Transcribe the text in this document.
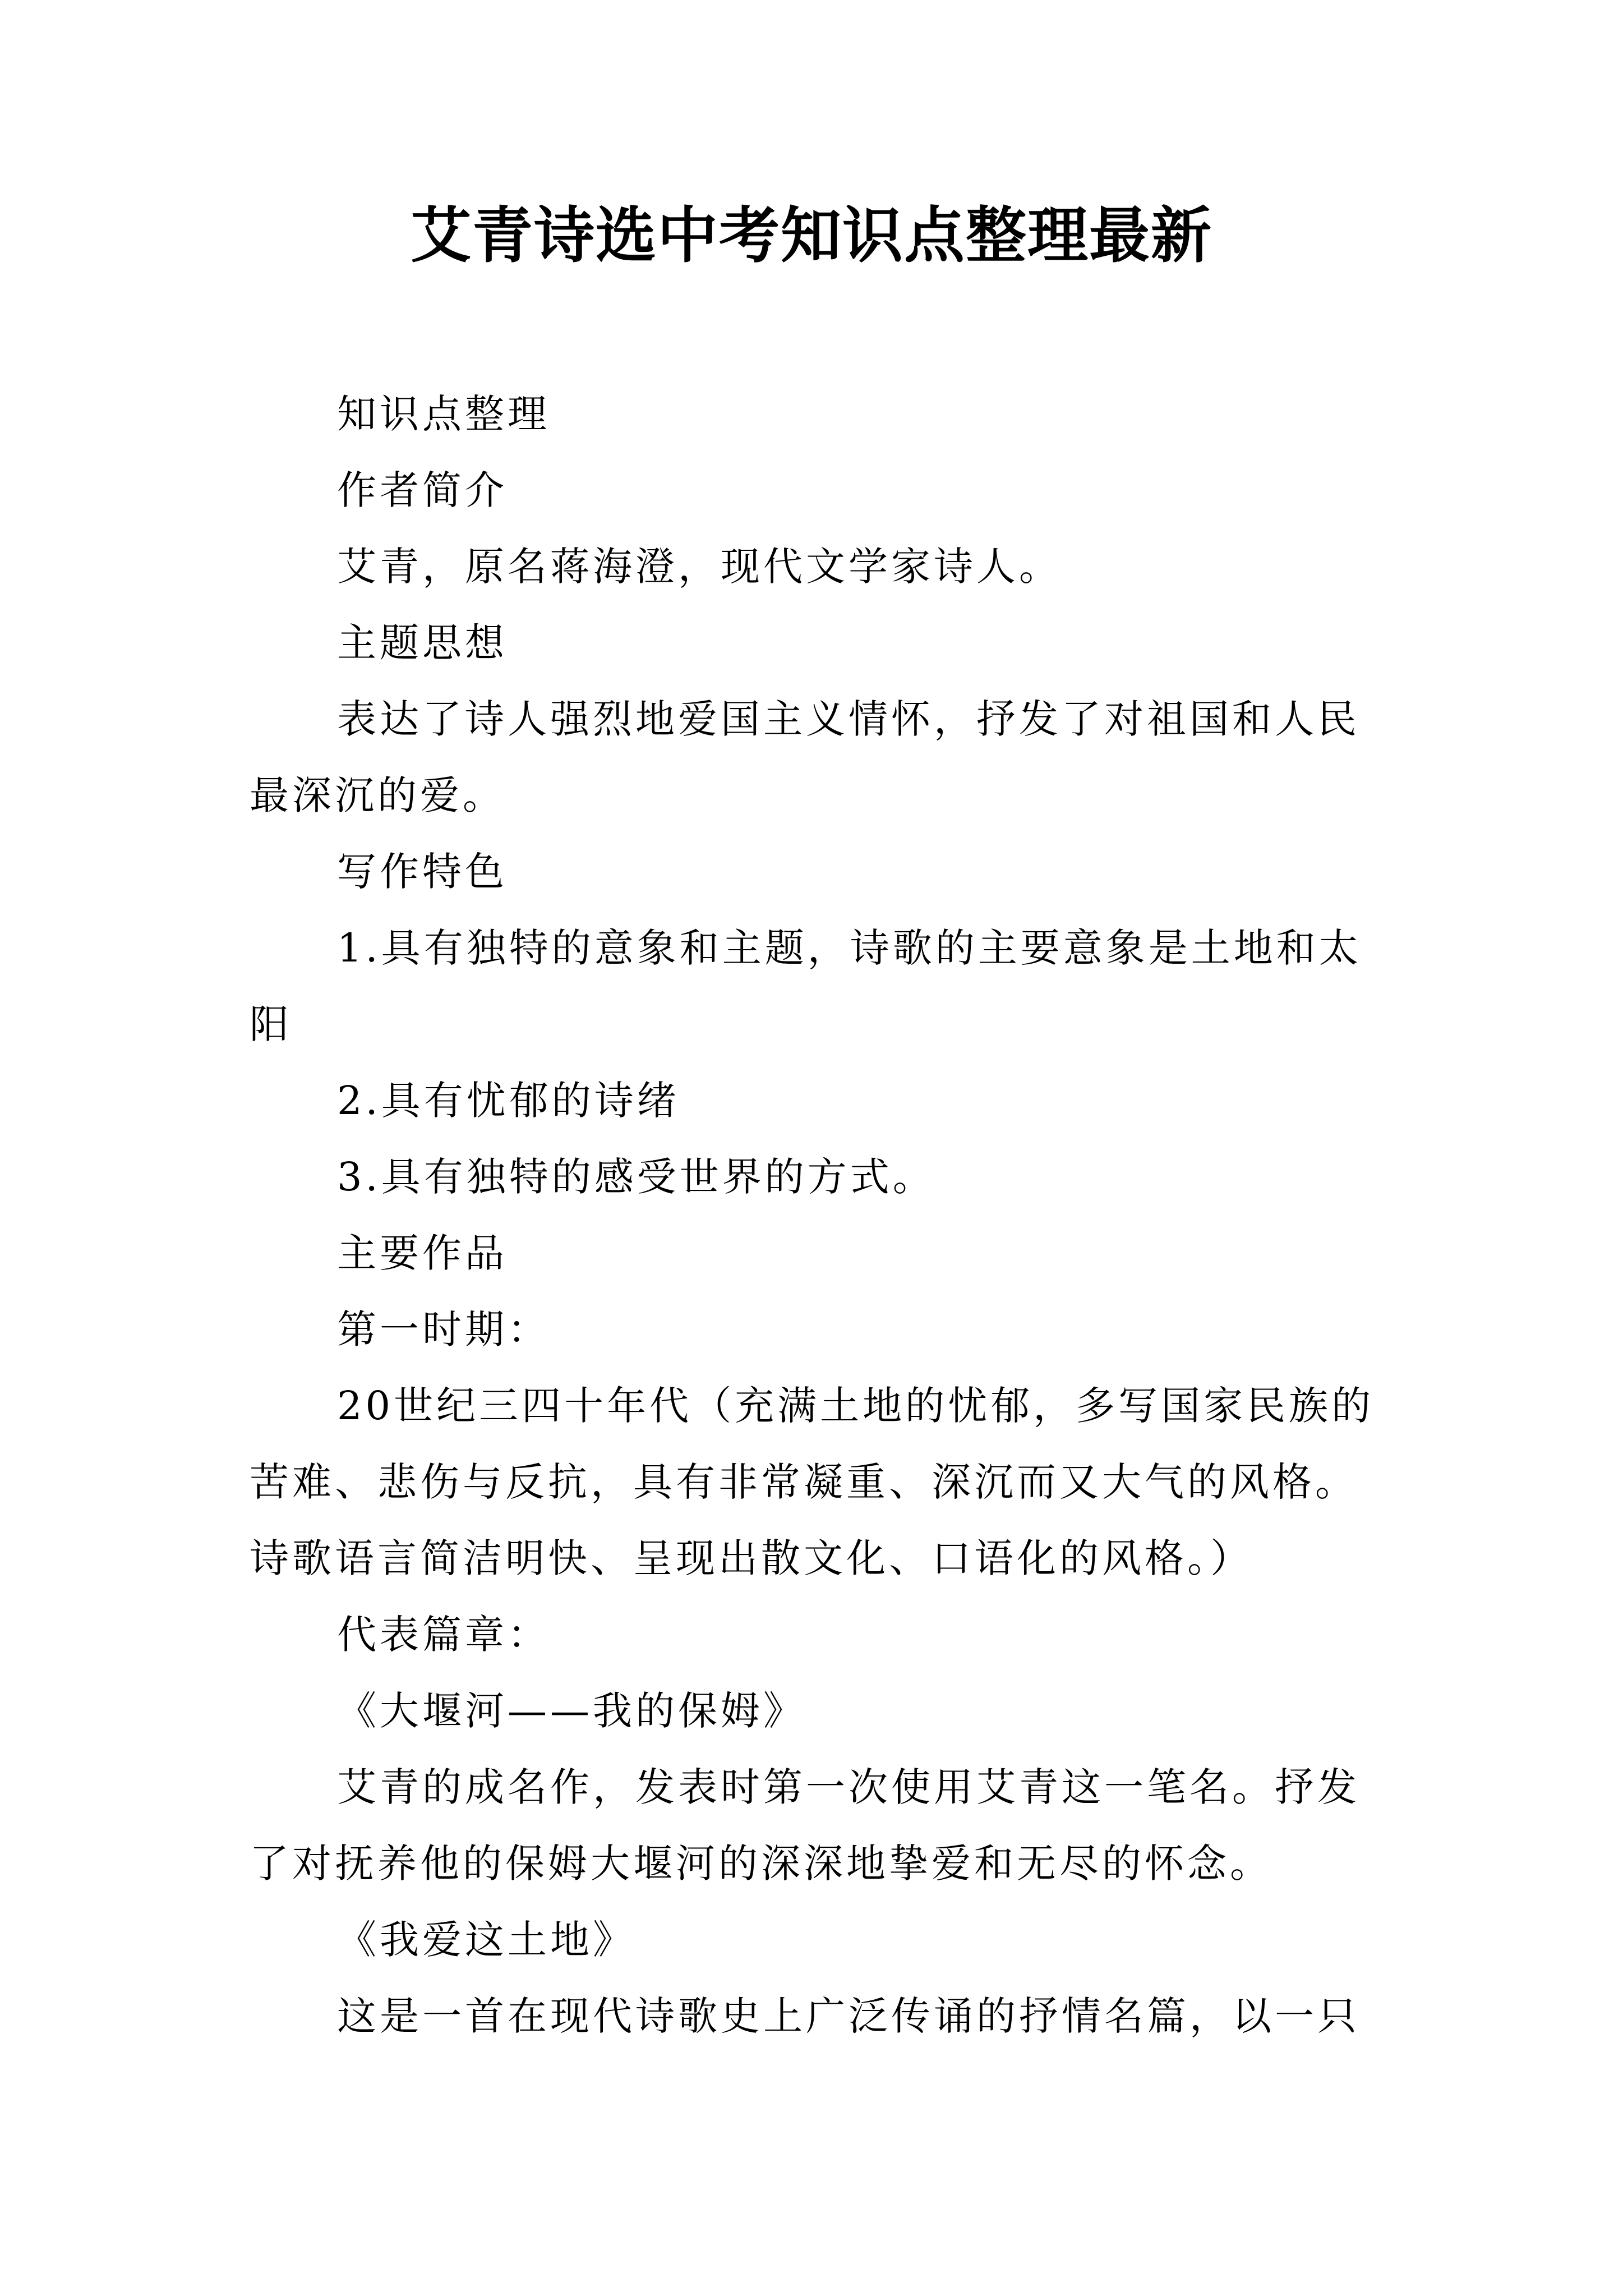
艾青诗选中考知识点整理最新

知识点整理

作者简介

艾青，原名蒋海澄，现代文学家诗人。

主题思想

表达了诗人强烈地爱国主义情怀，抒发了对祖国和人民最深沉的爱。

写作特色

1.具有独特的意象和主题，诗歌的主要意象是土地和太阳

2.具有忧郁的诗绪

3.具有独特的感受世界的方式。

主要作品

第一时期：

20世纪三四十年代（充满土地的忧郁，多写国家民族的苦难、悲伤与反抗，具有非常凝重、深沉而又大气的风格。诗歌语言简洁明快、呈现出散文化、口语化的风格。）

代表篇章：

《大堰河——我的保姆》

艾青的成名作，发表时第一次使用艾青这一笔名。抒发了对抚养他的保姆大堰河的深深地挚爱和无尽的怀念。

《我爱这土地》

这是一首在现代诗歌史上广泛传诵的抒情名篇，以一只
